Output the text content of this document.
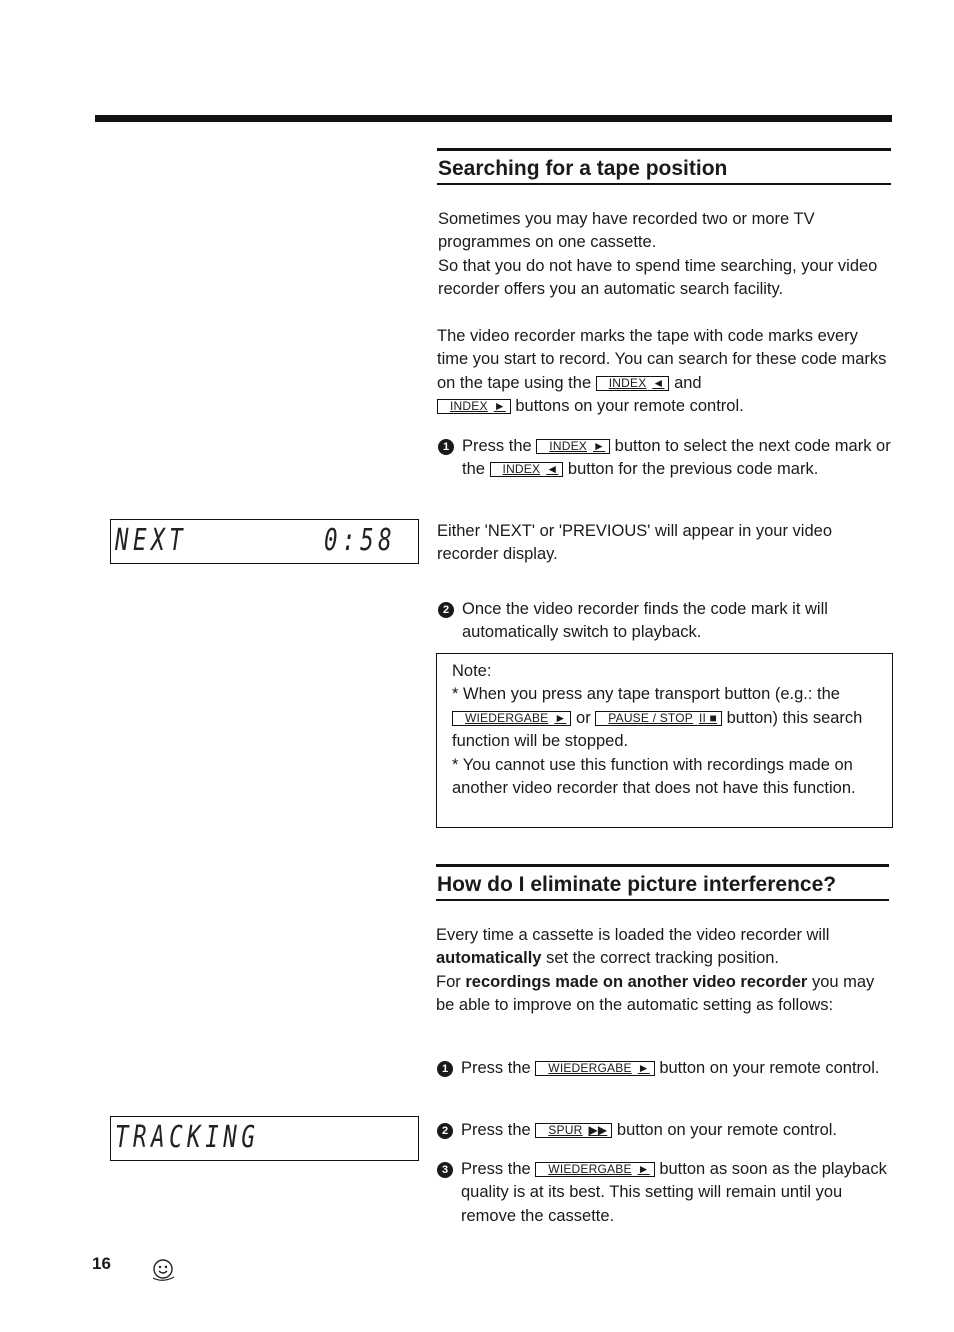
Searching for a tape position

Sometimes you may have recorded two or more TV programmes on one cassette.

So that you do not have to spend time searching, your video recorder offers you an automatic search facility.

The video recorder marks the tape with code marks every time you start to record. You can search for these code marks on the tape using the INDEX ◄ and
INDEX ► buttons on your remote control.
1 Press the INDEX ► button to select the next code mark or the INDEX ◄ button for the previous code mark.
NEXT	0:58 Either 'NEXT' or 'PREVIOUS' will appear in your video recorder display.
2 Once the video recorder finds the code mark it will automatically switch to playback.

Note:

* When you press any tape transport button (e.g.: the WIEDERGABE ► or PAUSE / STOP II ■ button) this search function will be stopped.

* You cannot use this function with recordings made on another video recorder that does not have this function.

How do I eliminate picture interference?

Every time a cassette is loaded the video recorder will automatically set the correct tracking position.

For recordings made on another video recorder you may be able to improve on the automatic setting as follows:

1 Press the WIEDERGABE ► button on your remote control.
TRACKING	2 Press the SPUR ▶▶ button on your remote control.
3 Press the WIEDERGABE ► button as soon as the playback quality is at its best. This setting will remain until you remove the cassette.
16
